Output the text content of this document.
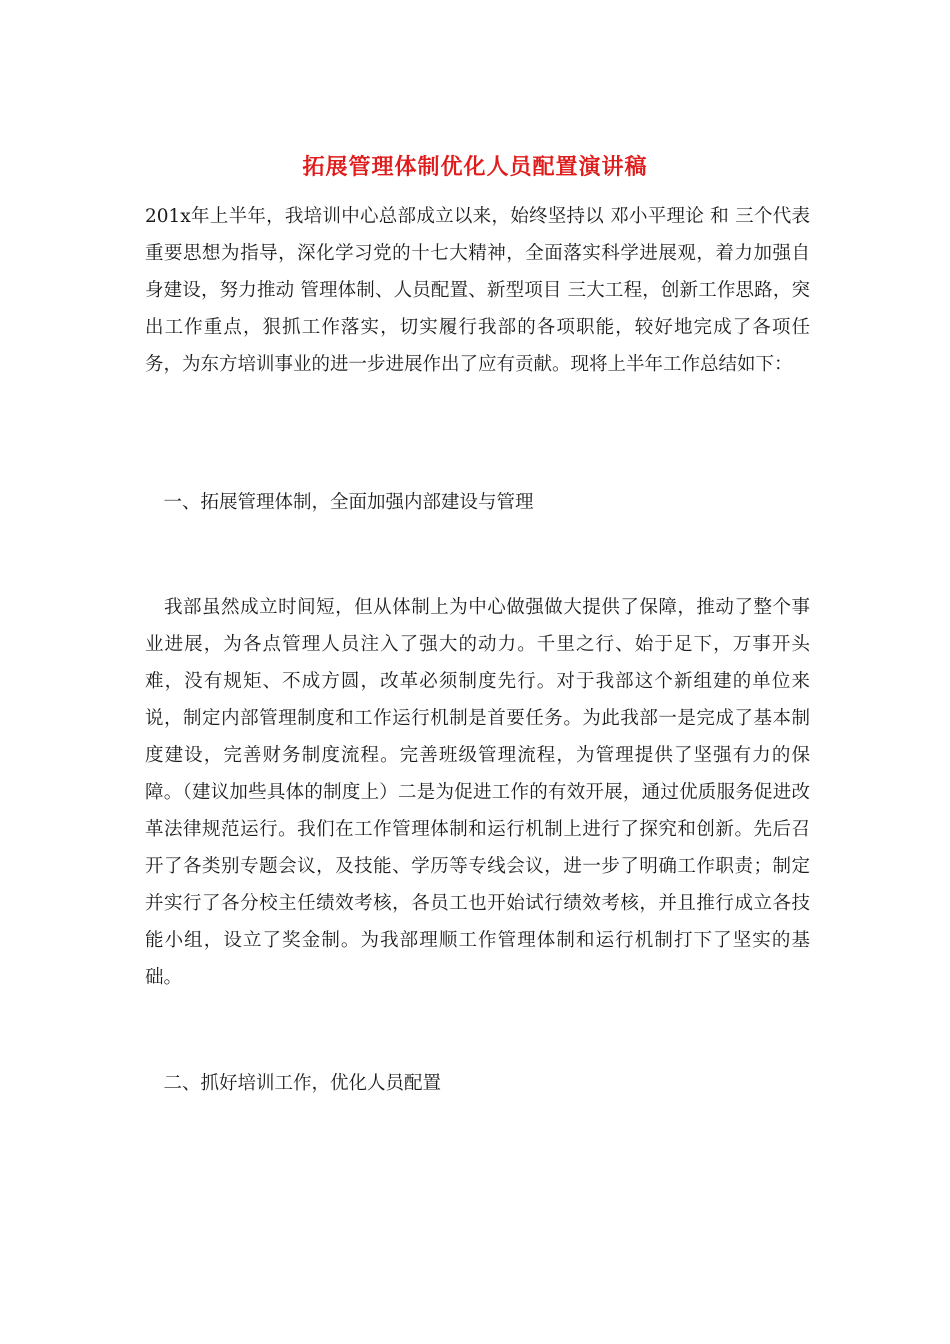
拓展管理体制优化人员配置演讲稿
201x年上半年，我培训中心总部成立以来，始终坚持以 邓小平理论 和 三个代表 重要思想为指导，深化学习党的十七大精神，全面落实科学进展观，着力加强自身建设，努力推动 管理体制、人员配置、新型项目 三大工程，创新工作思路，突出工作重点，狠抓工作落实，切实履行我部的各项职能，较好地完成了各项任务，为东方培训事业的进一步进展作出了应有贡献。现将上半年工作总结如下：
　一、拓展管理体制，全面加强内部建设与管理
　我部虽然成立时间短，但从体制上为中心做强做大提供了保障，推动了整个事业进展，为各点管理人员注入了强大的动力。千里之行、始于足下，万事开头难，没有规矩、不成方圆，改革必须制度先行。对于我部这个新组建的单位来说，制定内部管理制度和工作运行机制是首要任务。为此我部一是完成了基本制度建设，完善财务制度流程。完善班级管理流程，为管理提供了坚强有力的保障。（建议加些具体的制度上）二是为促进工作的有效开展，通过优质服务促进改革法律规范运行。我们在工作管理体制和运行机制上进行了探究和创新。先后召开了各类别专题会议，及技能、学历等专线会议，进一步了明确工作职责；制定并实行了各分校主任绩效考核，各员工也开始试行绩效考核，并且推行成立各技能小组，设立了奖金制。为我部理顺工作管理体制和运行机制打下了坚实的基础。
　二、抓好培训工作，优化人员配置
